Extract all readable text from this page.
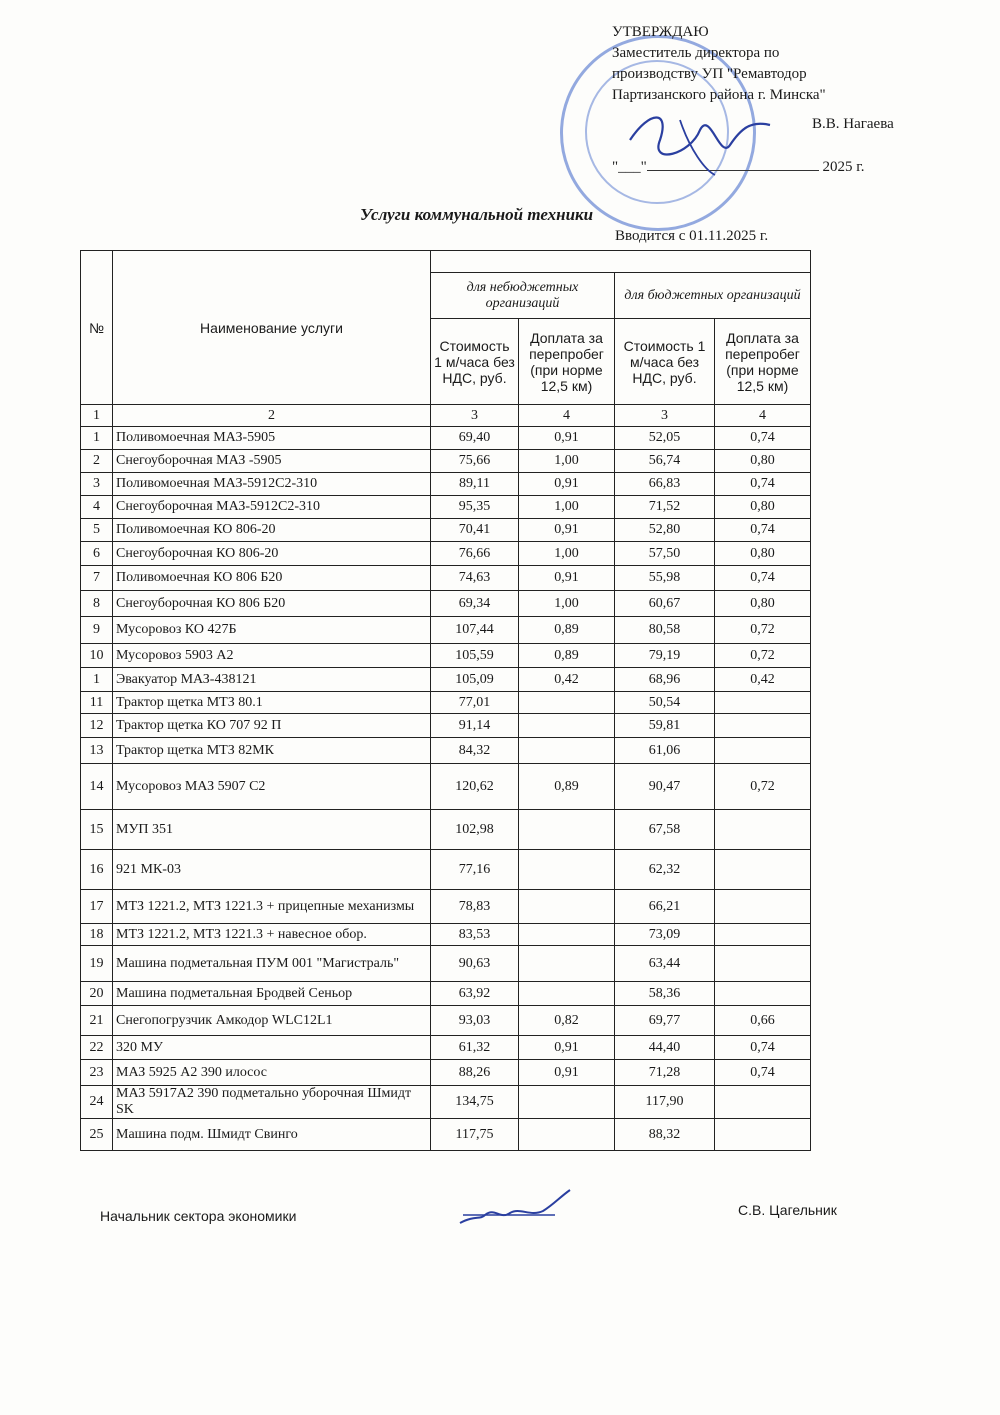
УТВЕРЖДАЮ
Заместитель директора по
производству УП "Ремавтодор
Партизанского района г. Минска"
В.В. Нагаева
"___"	2025 г.
Услуги коммунальной техники
Вводится с 01.11.2025 г.
№	Наименование услуги				
		для небюджетных организаций		для бюджетных организаций	
		Стоимость 1 м/часа без НДС, руб.	Доплата за перепробег (при норме 12,5 км)	Стоимость 1 м/часа без НДС, руб.	Доплата за перепробег (при норме 12,5 км)
1	2	3	4	3	4
1	Поливомоечная МАЗ-5905	69,40	0,91	52,05	0,74
2	Снегоуборочная МАЗ -5905	75,66	1,00	56,74	0,80
3	Поливомоечная МАЗ-5912С2-310	89,11	0,91	66,83	0,74
4	Снегоуборочная МАЗ-5912С2-310	95,35	1,00	71,52	0,80
5	Поливомоечная КО 806-20	70,41	0,91	52,80	0,74
6	Снегоуборочная КО 806-20	76,66	1,00	57,50	0,80
7	Поливомоечная КО 806 Б20	74,63	0,91	55,98	0,74
8	Снегоуборочная КО 806 Б20	69,34	1,00	60,67	0,80
9	Мусоровоз КО 427Б	107,44	0,89	80,58	0,72
10	Мусоровоз 5903 А2	105,59	0,89	79,19	0,72
1	Эвакуатор МАЗ-438121	105,09	0,42	68,96	0,42
11	Трактор щетка МТЗ 80.1	77,01		50,54	
12	Трактор щетка КО 707 92 П	91,14		59,81	
13	Трактор щетка МТЗ 82МК	84,32		61,06	
14	Мусоровоз МАЗ 5907 С2	120,62	0,89	90,47	0,72
15	МУП 351	102,98		67,58	
16	921 МК-03	77,16		62,32	
17	МТЗ 1221.2, МТЗ 1221.3 + прицепные механизмы	78,83		66,21	
18	МТЗ 1221.2, МТЗ 1221.3 + навесное обор.	83,53		73,09	
19	Машина подметальная ПУМ 001 "Магистраль"	90,63		63,44	
20	Машина подметальная Бродвей Сеньор	63,92		58,36	
21	Снегопогрузчик Амкодор WLC12L1	93,03	0,82	69,77	0,66
22	320 МУ	61,32	0,91	44,40	0,74
23	МАЗ 5925 А2 390 илосос	88,26	0,91	71,28	0,74
24	МАЗ 5917А2 390 подметально уборочная Шмидт SK	134,75		117,90	
25	Машина подм. Шмидт Свинго	117,75		88,32	
Начальник сектора экономики	С.В. Цагельник
